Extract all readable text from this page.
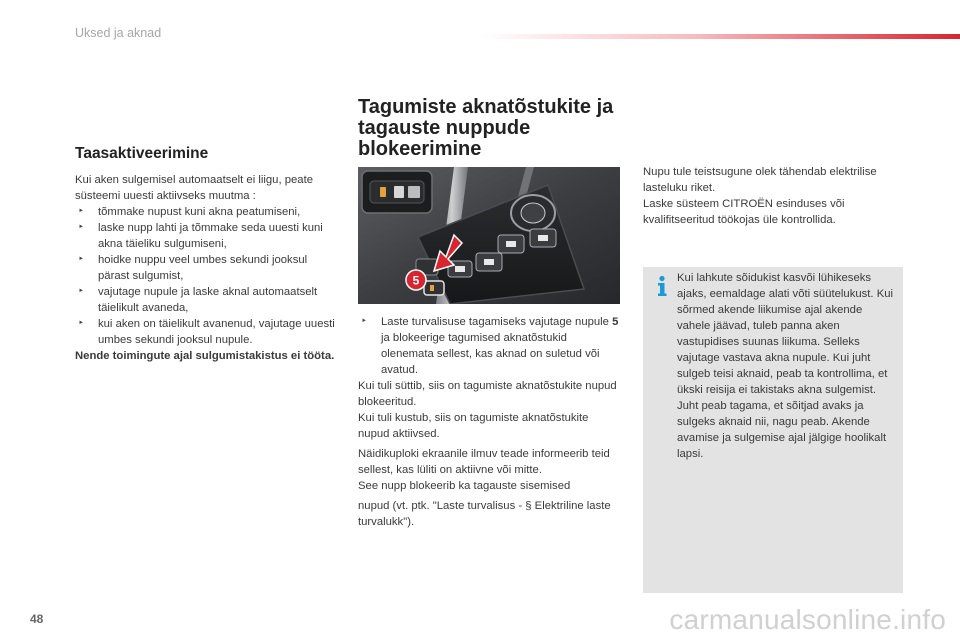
Uksed ja aknad
Taasaktiveerimine

Kui aken sulgemisel automaatselt ei liigu, peate süsteemi uuesti aktiivseks muutma :

‣ tõmmake nupust kuni akna peatumiseni,
‣ laske nupp lahti ja tõmmake seda uuesti kuni akna täieliku sulgumiseni,
‣ hoidke nuppu veel umbes sekundi jooksul pärast sulgumist,
‣ vajutage nupule ja laske aknal automaatselt täielikult avaneda,
‣ kui aken on täielikult avanenud, vajutage uuesti umbes sekundi jooksul nupule.

Nende toimingute ajal sulgumistakistus ei tööta.

Tagumiste aknatõstukite ja tagauste nuppude blokeerimine
5
‣ Laste turvalisuse tagamiseks vajutage nupule 5 ja blokeerige tagumised aknatõstukid olenemata sellest, kas aknad on suletud või avatud.

Kui tuli süttib, siis on tagumiste aknatõstukite nupud blokeeritud.

Kui tuli kustub, siis on tagumiste aknatõstukite nupud aktiivsed.

Näidikuploki ekraanile ilmuv teade informeerib teid sellest, kas lüliti on aktiivne või mitte.

See nupp blokeerib ka tagauste sisemised

nupud (vt. ptk. "Laste turvalisus - § Elektriline laste turvalukk").

Nupu tule teistsugune olek tähendab elektrilise lasteluku riket.

Laske süsteem CITROËN esinduses või kvalifitseeritud töökojas üle kontrollida.

Kui lahkute sõidukist kasvõi lühikeseks ajaks, eemaldage alati võti süütelukust. Kui sõrmed akende liikumise ajal akende vahele jäävad, tuleb panna aken vastupidises suunas liikuma. Selleks vajutage vastava akna nupule. Kui juht sulgeb teisi aknaid, peab ta kontrollima, et ükski reisija ei takistaks akna sulgemist. Juht peab tagama, et sõitjad avaks ja sulgeks aknaid nii, nagu peab. Akende avamise ja sulgemise ajal jälgige hoolikalt lapsi.
48	carmanualsonline.info
